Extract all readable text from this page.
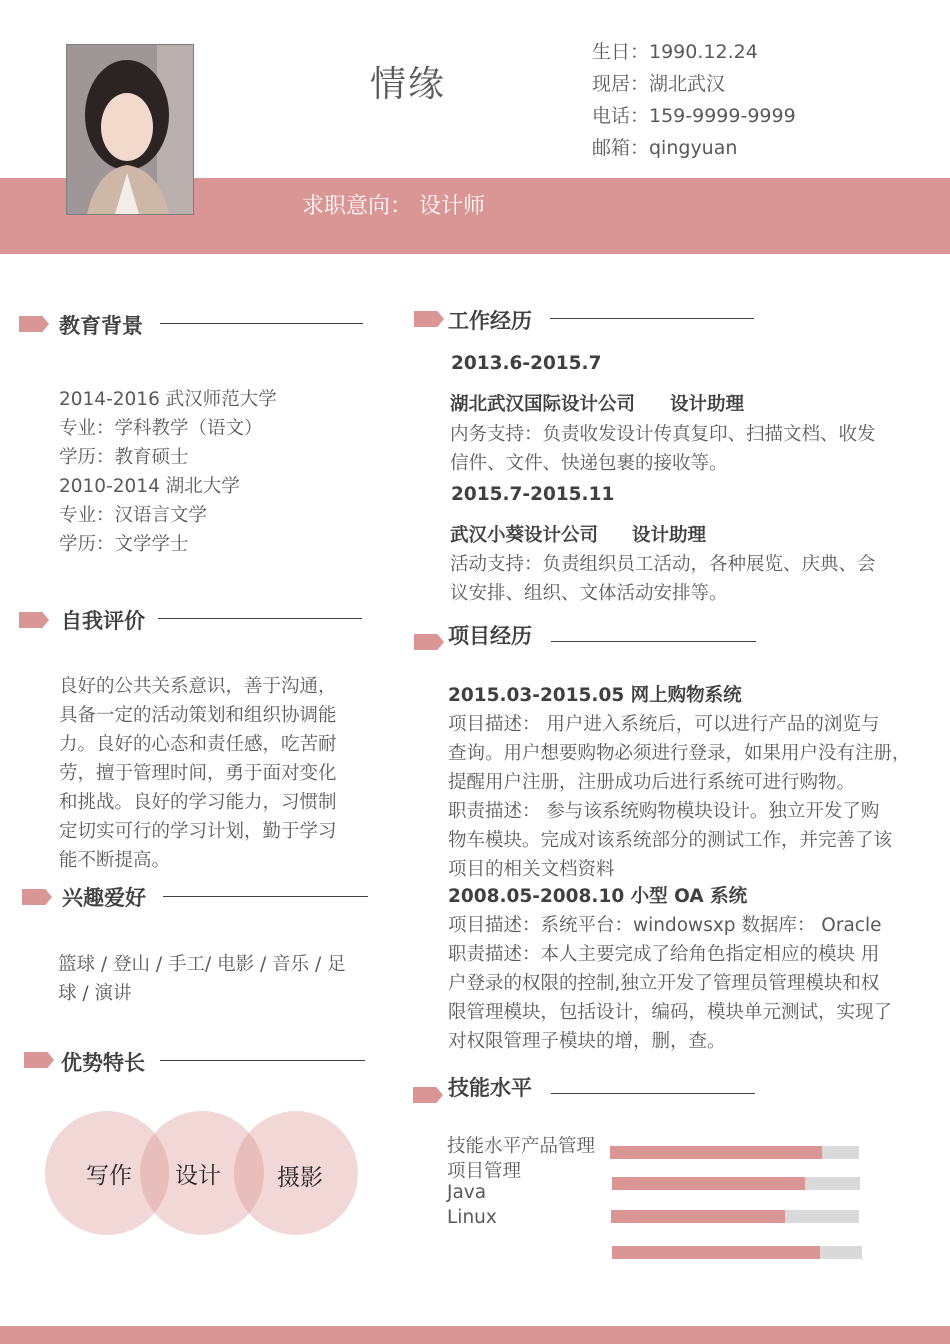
情缘
生日：1990.12.24
现居：湖北武汉
电话：159-9999-9999
邮箱：qingyuan
求职意向： 设计师
教育背景
2014-2016 武汉师范大学
专业：学科教学（语文）
学历：教育硕士
2010-2014 湖北大学
专业：汉语言文学
学历：文学学士
自我评价
良好的公共关系意识，善于沟通，
具备一定的活动策划和组织协调能
力。良好的心态和责任感，吃苦耐
劳，擅于管理时间，勇于面对变化
和挑战。良好的学习能力，习惯制
定切实可行的学习计划，勤于学习
能不断提高。
兴趣爱好
篮球 / 登山 / 手工/ 电影 / 音乐 / 足
球 / 演讲
优势特长
写作 设计 摄影
工作经历
2013.6-2015.7
湖北武汉国际设计公司 设计助理
内务支持：负责收发设计传真复印、扫描文档、收发
信件、文件、快递包裹的接收等。
2015.7-2015.11
武汉小葵设计公司 设计助理
活动支持：负责组织员工活动，各种展览、庆典、会
议安排、组织、文体活动安排等。
项目经历
2015.03-2015.05 网上购物系统
项目描述： 用户进入系统后，可以进行产品的浏览与
查询。用户想要购物必须进行登录，如果用户没有注册，
提醒用户注册，注册成功后进行系统可进行购物。
职责描述： 参与该系统购物模块设计。独立开发了购
物车模块。完成对该系统部分的测试工作，并完善了该
项目的相关文档资料
2008.05-2008.10 小型 OA 系统
项目描述：系统平台：windowsxp 数据库： Oracle
职责描述：本人主要完成了给角色指定相应的模块 用
户登录的权限的控制,独立开发了管理员管理模块和权
限管理模块，包括设计，编码，模块单元测试，实现了
对权限管理子模块的增，删，查。
技能水平
技能水平产品管理
项目管理
Java
Linux
